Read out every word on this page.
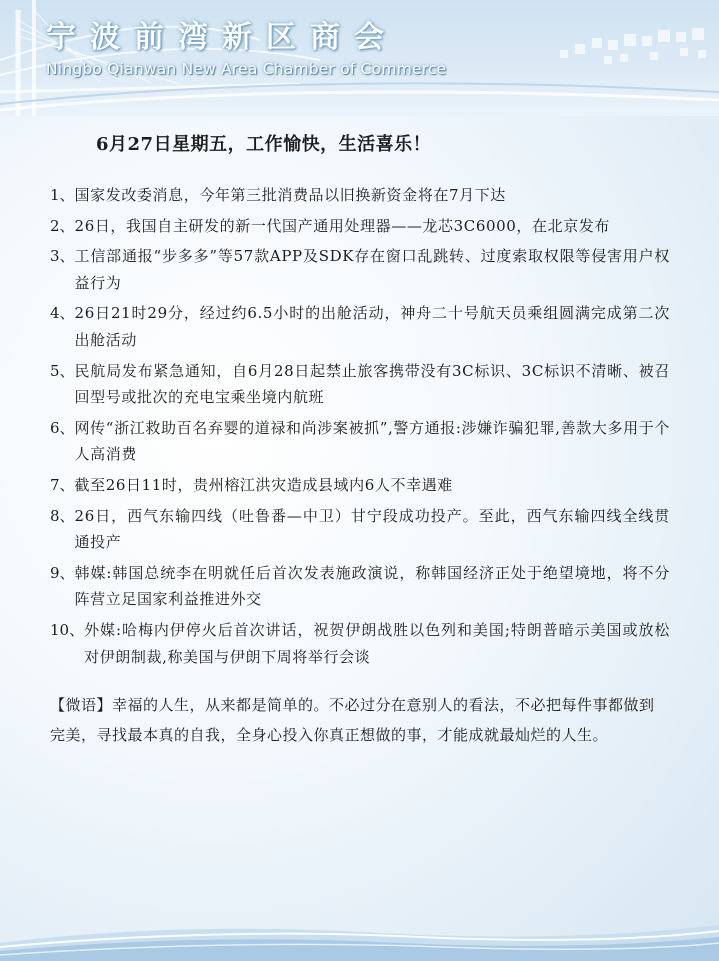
宁波前湾新区商会
Ningbo Qianwan New Area Chamber of Commerce
6月27日星期五，工作愉快，生活喜乐！
1、 国家发改委消息，今年第三批消费品以旧换新资金将在7月下达
2、 26日，我国自主研发的新一代国产通用处理器——龙芯3C6000，在北京发布
3、 工信部通报“步多多”等57款APP及SDK存在窗口乱跳转、过度索取权限等侵害用户权益行为
4、 26日21时29分，经过约6.5小时的出舱活动，神舟二十号航天员乘组圆满完成第二次出舱活动
5、 民航局发布紧急通知，自6月28日起禁止旅客携带没有3C标识、3C标识不清晰、被召回型号或批次的充电宝乘坐境内航班
6、 网传“浙江救助百名弃婴的道禄和尚涉案被抓”,警方通报:涉嫌诈骗犯罪,善款大多用于个人高消费
7、 截至26日11时，贵州榕江洪灾造成县域内6人不幸遇难
8、 26日，西气东输四线（吐鲁番—中卫）甘宁段成功投产。至此，西气东输四线全线贯通投产
9、 韩媒:韩国总统李在明就任后首次发表施政演说，称韩国经济正处于绝望境地，将不分阵营立足国家利益推进外交
10、 外媒:哈梅内伊停火后首次讲话，祝贺伊朗战胜以色列和美国;特朗普暗示美国或放松对伊朗制裁,称美国与伊朗下周将举行会谈
【微语】幸福的人生，从来都是简单的。不必过分在意别人的看法，不必把每件事都做到完美，寻找最本真的自我，全身心投入你真正想做的事，才能成就最灿烂的人生。
